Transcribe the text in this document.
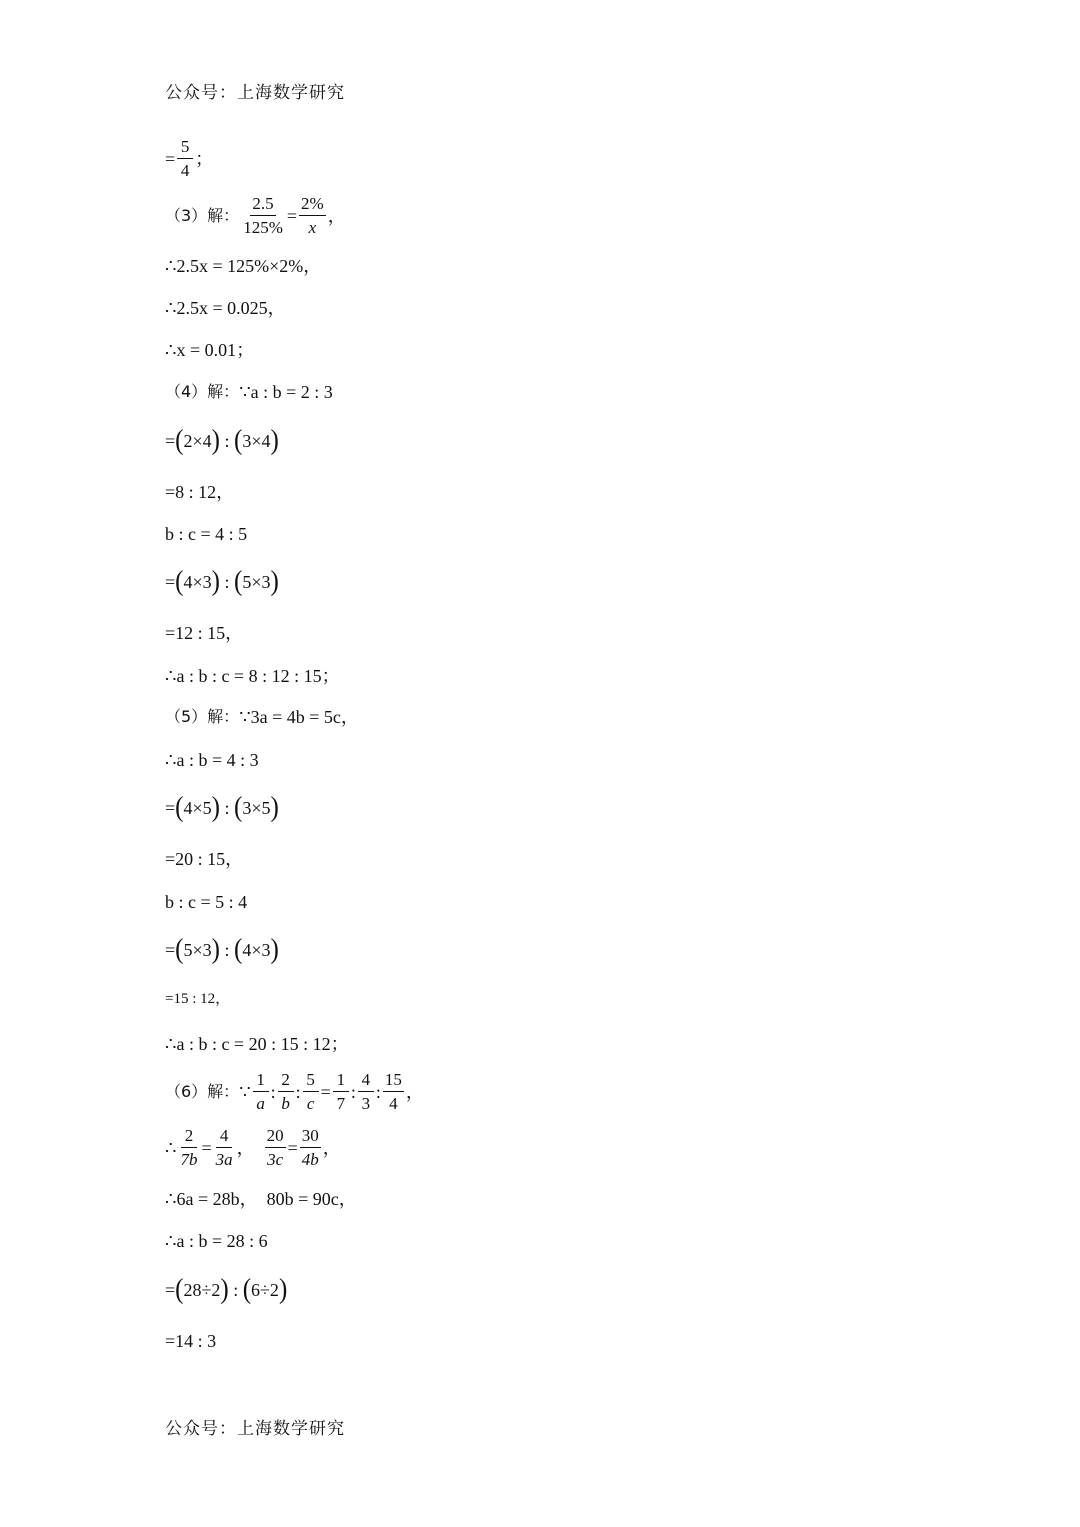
公众号：上海数学研究
= $\frac{5}{4}$ ；
（3）解： $\frac{2.5}{125\%} = \frac{2\%}{x}$ ，
∴2.5x = 125%×2%，
∴2.5x = 0.025，
∴x = 0.01；
（4）解： ∵a : b = 2 : 3
= ( 2×4 ) : ( 3×4 )
=8 : 12，
b : c = 4 : 5
= ( 4×3 ) : ( 5×3 )
=12 : 15，
∴a : b : c = 8 : 12 : 15；
（5）解： ∵3a = 4b = 5c，
∴a : b = 4 : 3
= ( 4×5 ) : ( 3×5 )
=20 : 15，
b : c = 5 : 4
= ( 5×3 ) : ( 4×3 )
=15 : 12，
∴a : b : c = 20 : 15 : 12；
（6）解： ∵ $\frac{1}{a}$ : $\frac{2}{b}$ : $\frac{5}{c} = \frac{1}{7}$ : $\frac{4}{3}$ : $\frac{15}{4}$ ，
∴ $\frac{2}{7b} = \frac{4}{3a}$ ， $\frac{20}{3c} = \frac{30}{4b}$ ，
∴6a = 28b，  80b = 90c，
∴a : b = 28 : 6
= ( 28÷2 ) : ( 6÷2 )
=14 : 3
公众号：上海数学研究
